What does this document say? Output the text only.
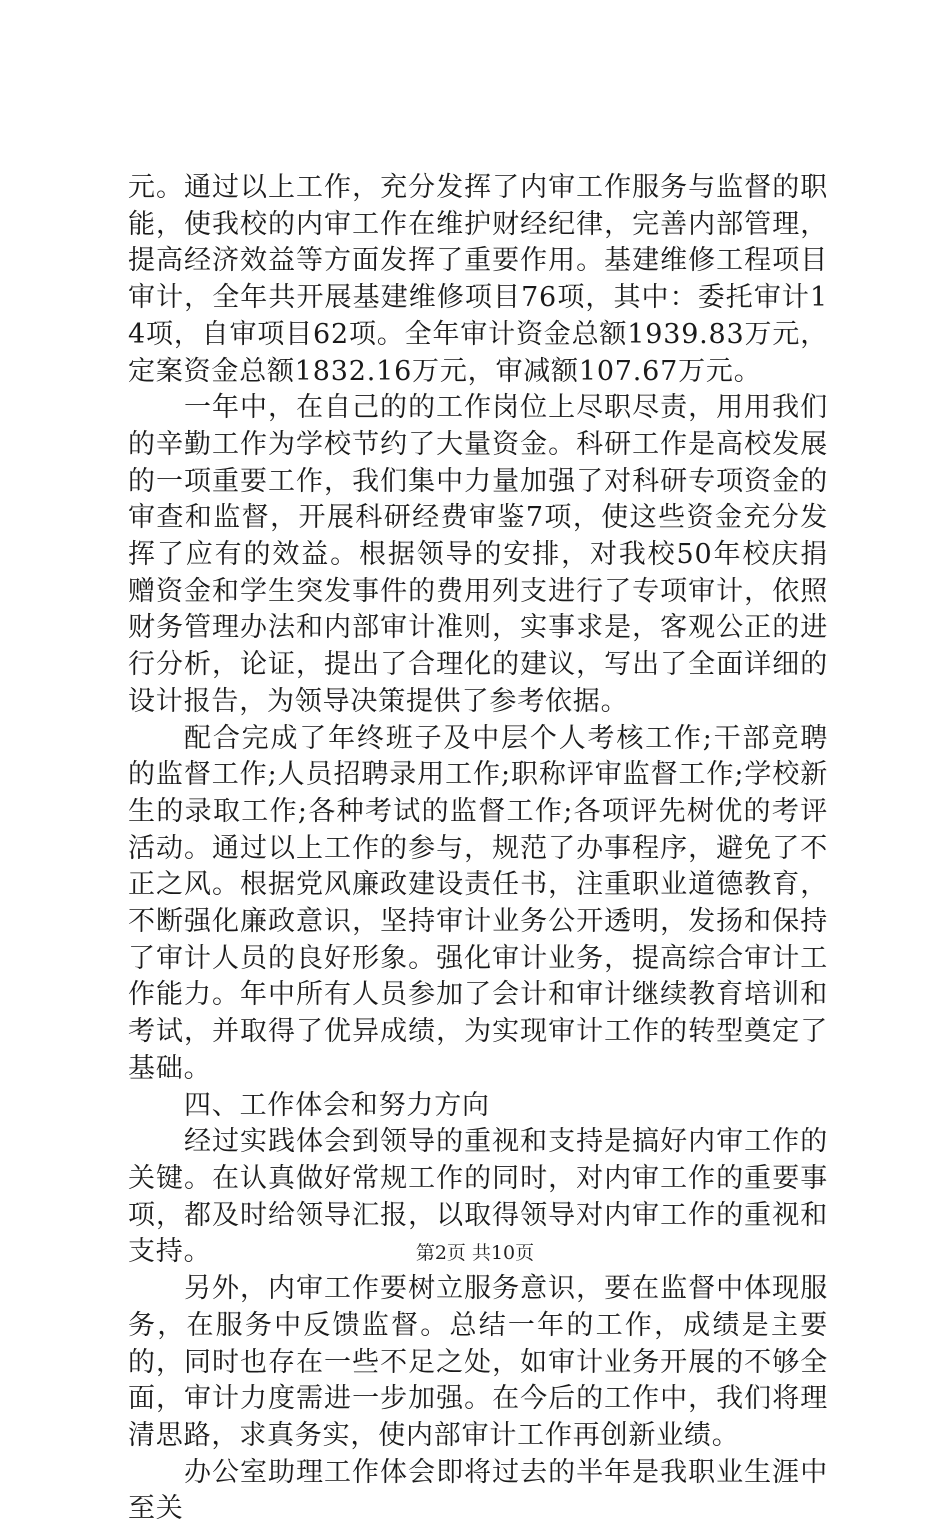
元。通过以上工作，充分发挥了内审工作服务与监督的职能，使我校的内审工作在维护财经纪律，完善内部管理，提高经济效益等方面发挥了重要作用。基建维修工程项目审计，全年共开展基建维修项目76项，其中：委托审计14项，自审项目62项。全年审计资金总额1939.83万元，定案资金总额1832.16万元，审减额107.67万元。

一年中，在自己的的工作岗位上尽职尽责，用用我们的辛勤工作为学校节约了大量资金。科研工作是高校发展的一项重要工作，我们集中力量加强了对科研专项资金的审查和监督，开展科研经费审鉴7项，使这些资金充分发挥了应有的效益。根据领导的安排，对我校50年校庆捐赠资金和学生突发事件的费用列支进行了专项审计，依照财务管理办法和内部审计准则，实事求是，客观公正的进行分析，论证，提出了合理化的建议，写出了全面详细的设计报告，为领导决策提供了参考依据。

配合完成了年终班子及中层个人考核工作;干部竞聘的监督工作;人员招聘录用工作;职称评审监督工作;学校新生的录取工作;各种考试的监督工作;各项评先树优的考评活动。通过以上工作的参与，规范了办事程序，避免了不正之风。根据党风廉政建设责任书，注重职业道德教育，不断强化廉政意识，坚持审计业务公开透明，发扬和保持了审计人员的良好形象。强化审计业务，提高综合审计工作能力。年中所有人员参加了会计和审计继续教育培训和考试，并取得了优异成绩，为实现审计工作的转型奠定了基础。

四、工作体会和努力方向

经过实践体会到领导的重视和支持是搞好内审工作的关键。在认真做好常规工作的同时，对内审工作的重要事项，都及时给领导汇报，以取得领导对内审工作的重视和支持。

另外，内审工作要树立服务意识，要在监督中体现服务，在服务中反馈监督。总结一年的工作，成绩是主要的，同时也存在一些不足之处，如审计业务开展的不够全面，审计力度需进一步加强。在今后的工作中，我们将理清思路，求真务实，使内部审计工作再创新业绩。

办公室助理工作体会即将过去的半年是我职业生涯中至关

第2页 共10页
